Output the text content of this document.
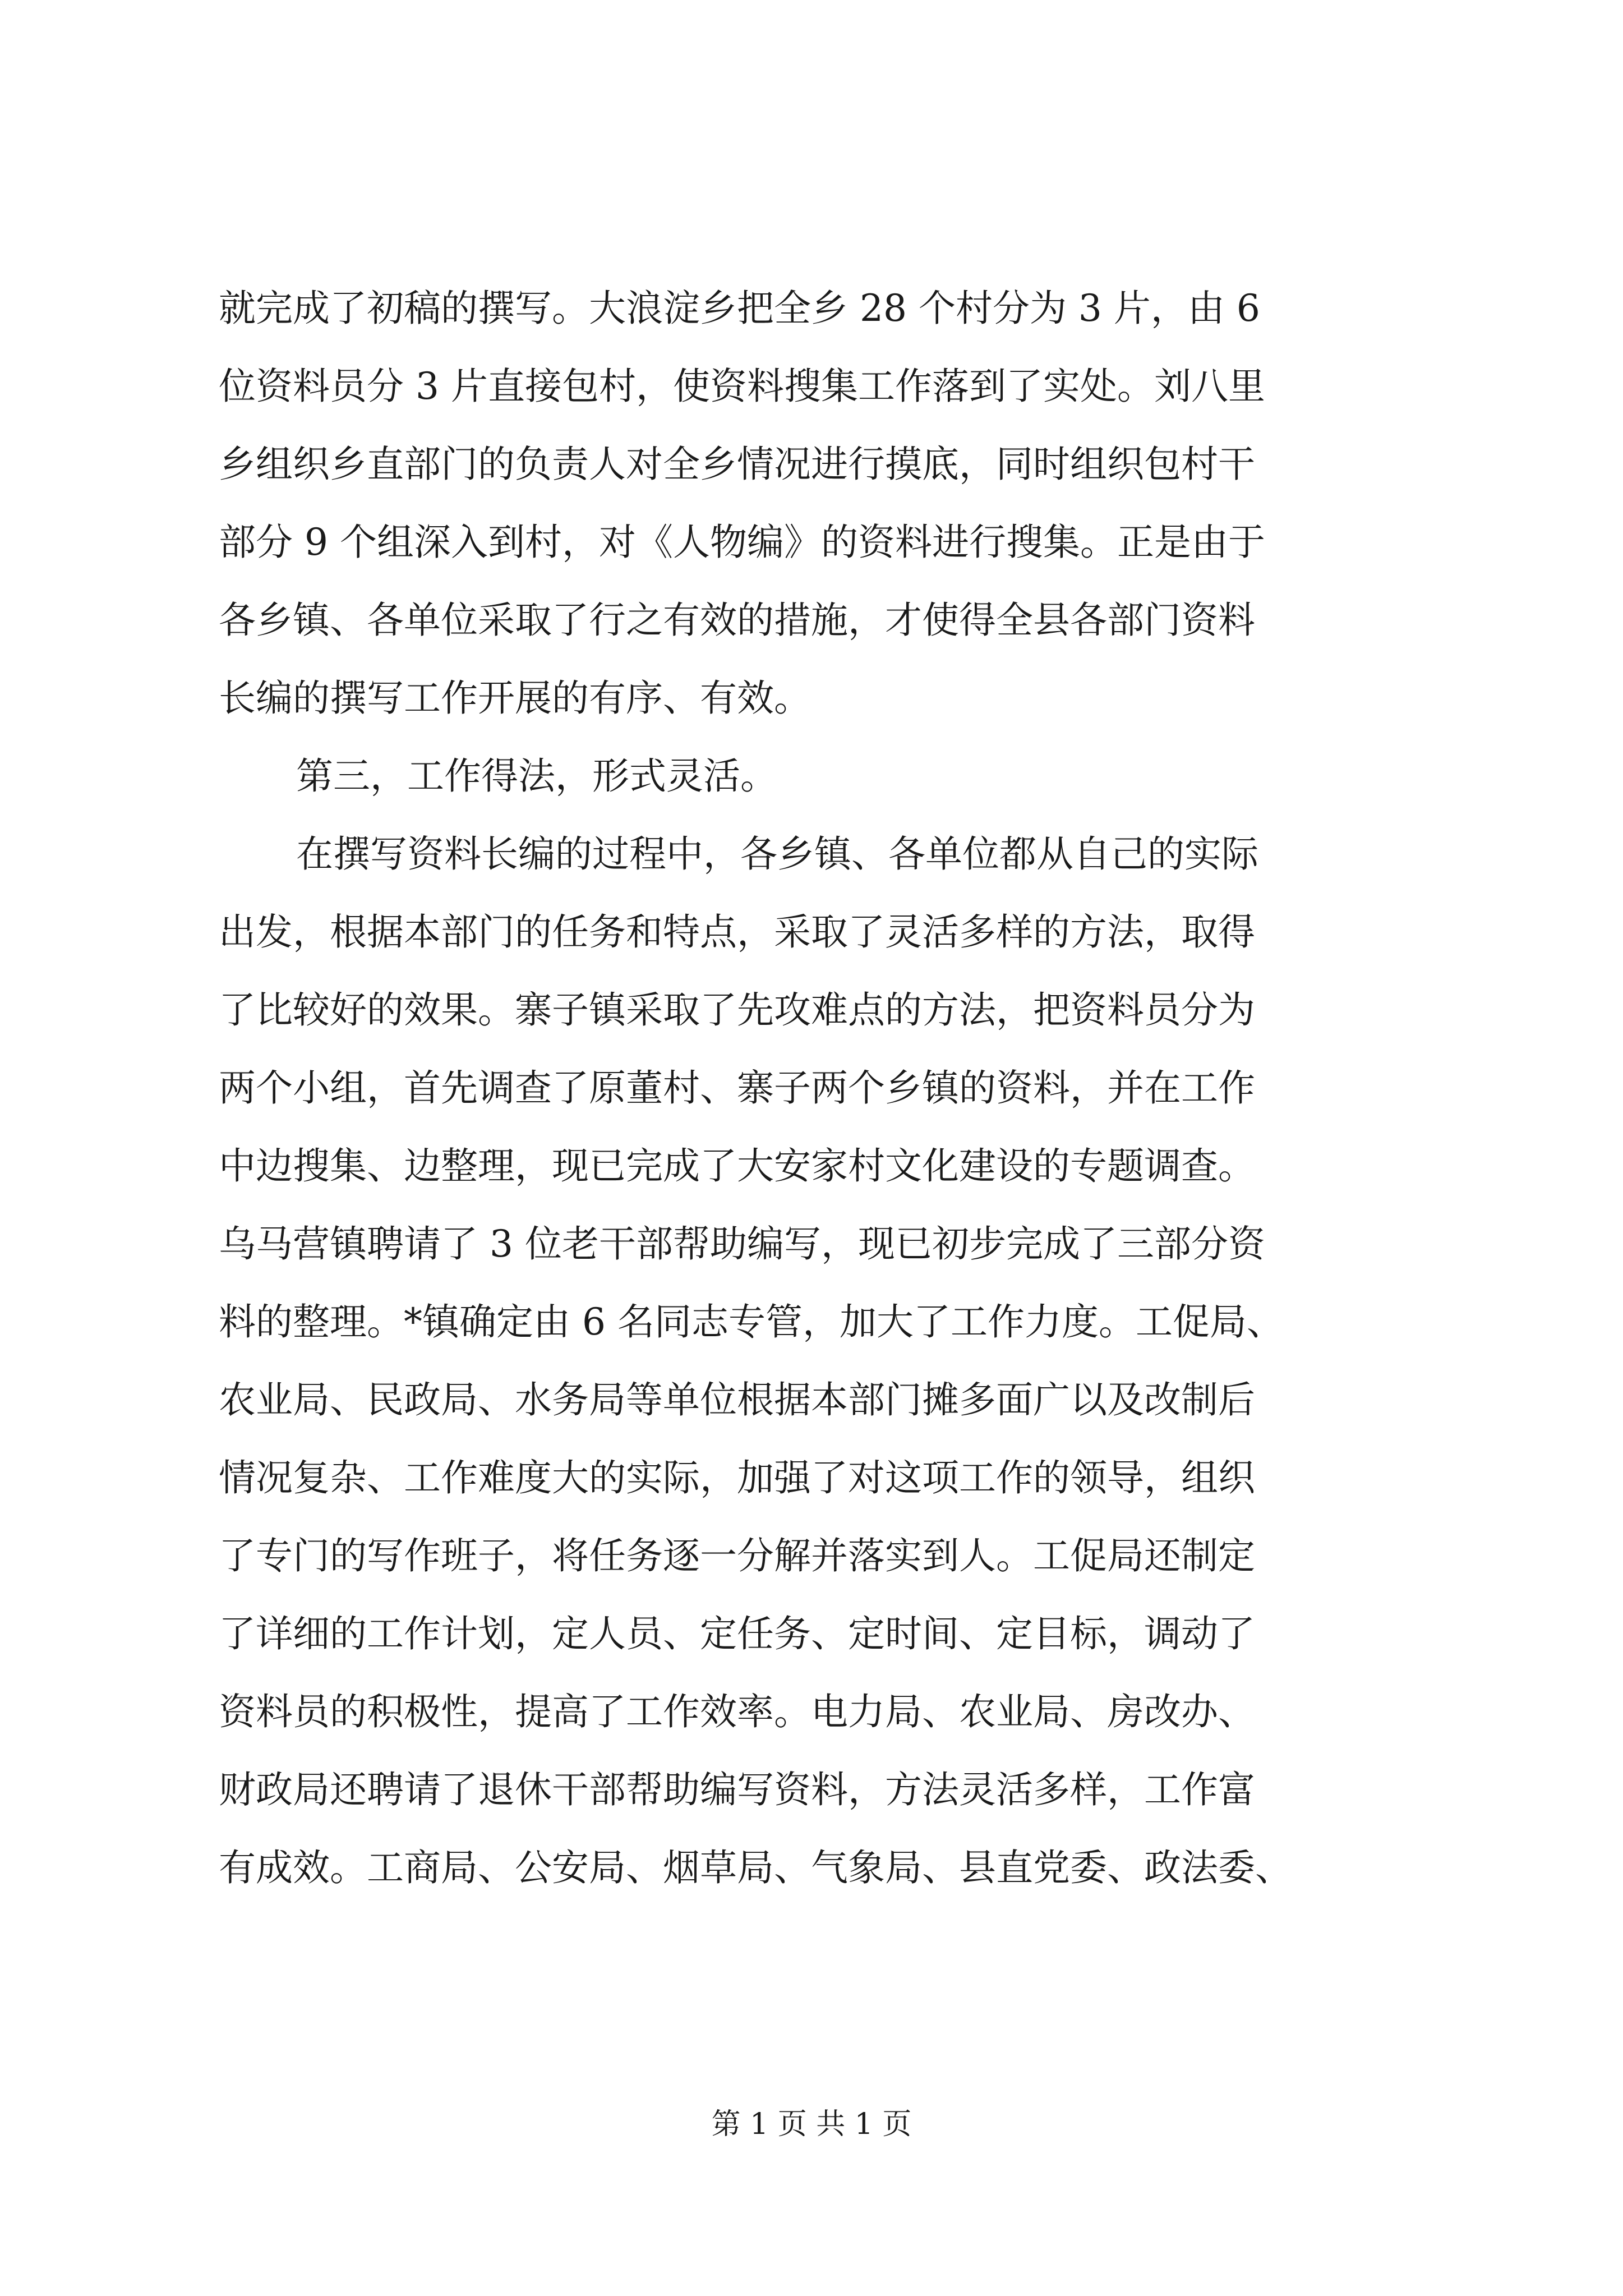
就完成了初稿的撰写。大浪淀乡把全乡 28 个村分为 3 片，由 6
位资料员分 3 片直接包村，使资料搜集工作落到了实处。刘八里
乡组织乡直部门的负责人对全乡情况进行摸底，同时组织包村干
部分 9 个组深入到村，对《人物编》的资料进行搜集。正是由于
各乡镇、各单位采取了行之有效的措施，才使得全县各部门资料
长编的撰写工作开展的有序、有效。
第三，工作得法，形式灵活。
在撰写资料长编的过程中，各乡镇、各单位都从自己的实际
出发，根据本部门的任务和特点，采取了灵活多样的方法，取得
了比较好的效果。寨子镇采取了先攻难点的方法，把资料员分为
两个小组，首先调查了原董村、寨子两个乡镇的资料，并在工作
中边搜集、边整理，现已完成了大安家村文化建设的专题调查。
乌马营镇聘请了 3 位老干部帮助编写，现已初步完成了三部分资
料的整理。*镇确定由 6 名同志专管，加大了工作力度。工促局、
农业局、民政局、水务局等单位根据本部门摊多面广以及改制后
情况复杂、工作难度大的实际，加强了对这项工作的领导，组织
了专门的写作班子，将任务逐一分解并落实到人。工促局还制定
了详细的工作计划，定人员、定任务、定时间、定目标，调动了
资料员的积极性，提高了工作效率。电力局、农业局、房改办、
财政局还聘请了退休干部帮助编写资料，方法灵活多样，工作富
有成效。工商局、公安局、烟草局、气象局、县直党委、政法委、
第 1 页 共 1 页
